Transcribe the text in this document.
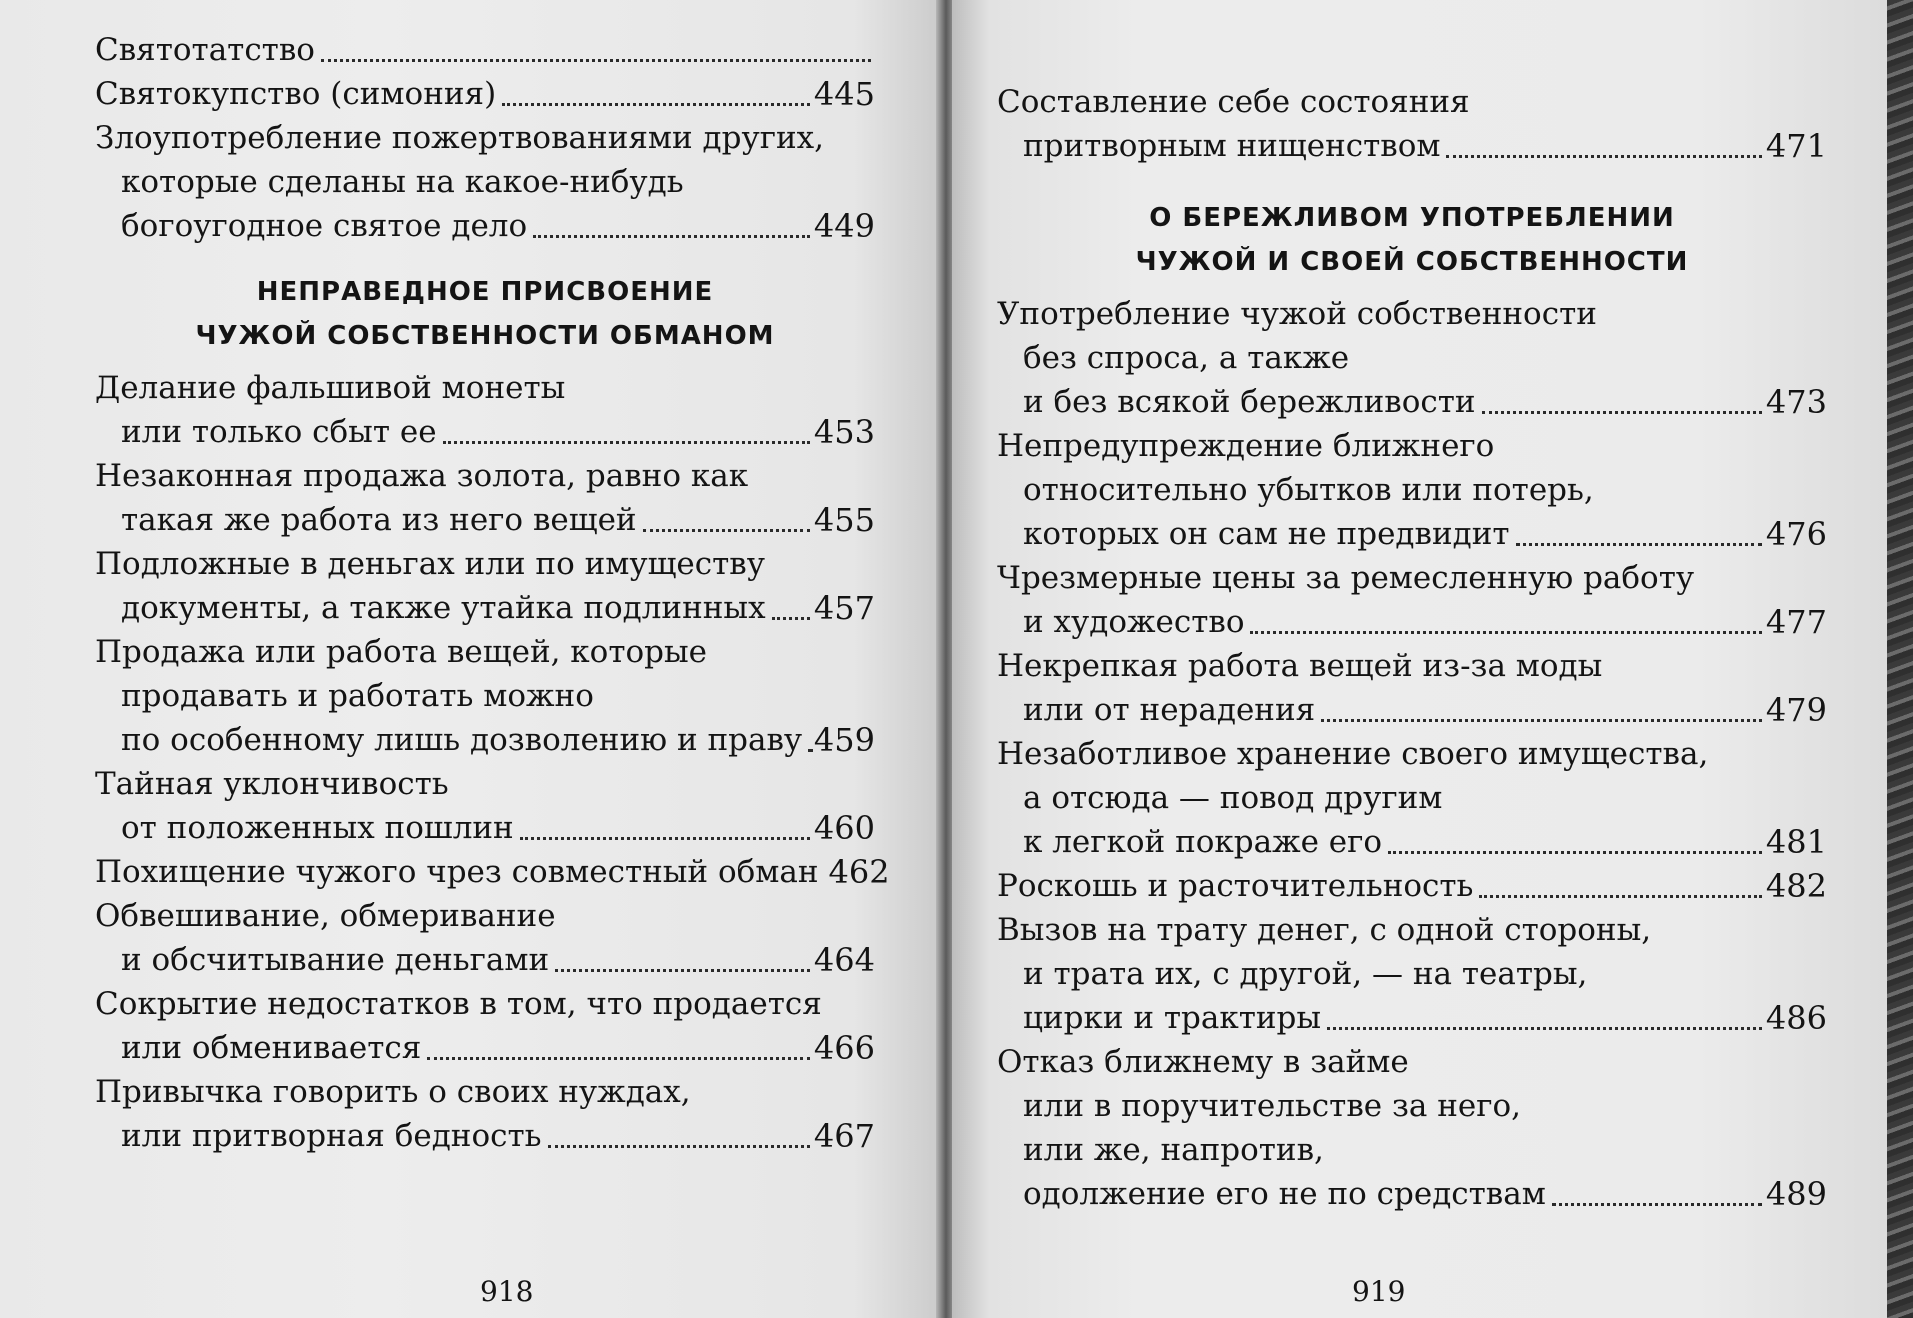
Святотатство
Святокупство (симония)	445
Злоупотребление пожертвованиями других,
которые сделаны на какое-нибудь
богоугодное святое дело	449
НЕПРАВЕДНОЕ ПРИСВОЕНИЕ
ЧУЖОЙ СОБСТВЕННОСТИ ОБМАНОМ
Делание фальшивой монеты
или только сбыт ее	453
Незаконная продажа золота, равно как
такая же работа из него вещей	455
Подложные в деньгах или по имуществу
документы, а также утайка подлинных 457
Продажа или работа вещей, которые
продавать и работать можно
по особенному лишь дозволению и праву 459
Тайная уклончивость
от положенных пошлин	460
Похищение чужого чрез совместный обман 462
Обвешивание, обмеривание
и обсчитывание деньгами	464
Сокрытие недостатков в том, что продается
или обменивается	466
Привычка говорить о своих нуждах,
или притворная бедность	467
918
Составление себе состояния
притворным нищенством	471
О БЕРЕЖЛИВОМ УПОТРЕБЛЕНИИ
ЧУЖОЙ И СВОЕЙ СОБСТВЕННОСТИ
Употребление чужой собственности
без спроса, а также
и без всякой бережливости	473
Непредупреждение ближнего
относительно убытков или потерь,
которых он сам не предвидит	476
Чрезмерные цены за ремесленную работу
и художество	477
Некрепкая работа вещей из-за моды
или от нерадения	479
Незаботливое хранение своего имущества,
а отсюда — повод другим
к легкой покраже его	481
Роскошь и расточительность	482
Вызов на трату денег, с одной стороны,
и трата их, с другой, — на театры,
цирки и трактиры	486
Отказ ближнему в займе
или в поручительстве за него,
или же, напротив,
одолжение его не по средствам	489
919
